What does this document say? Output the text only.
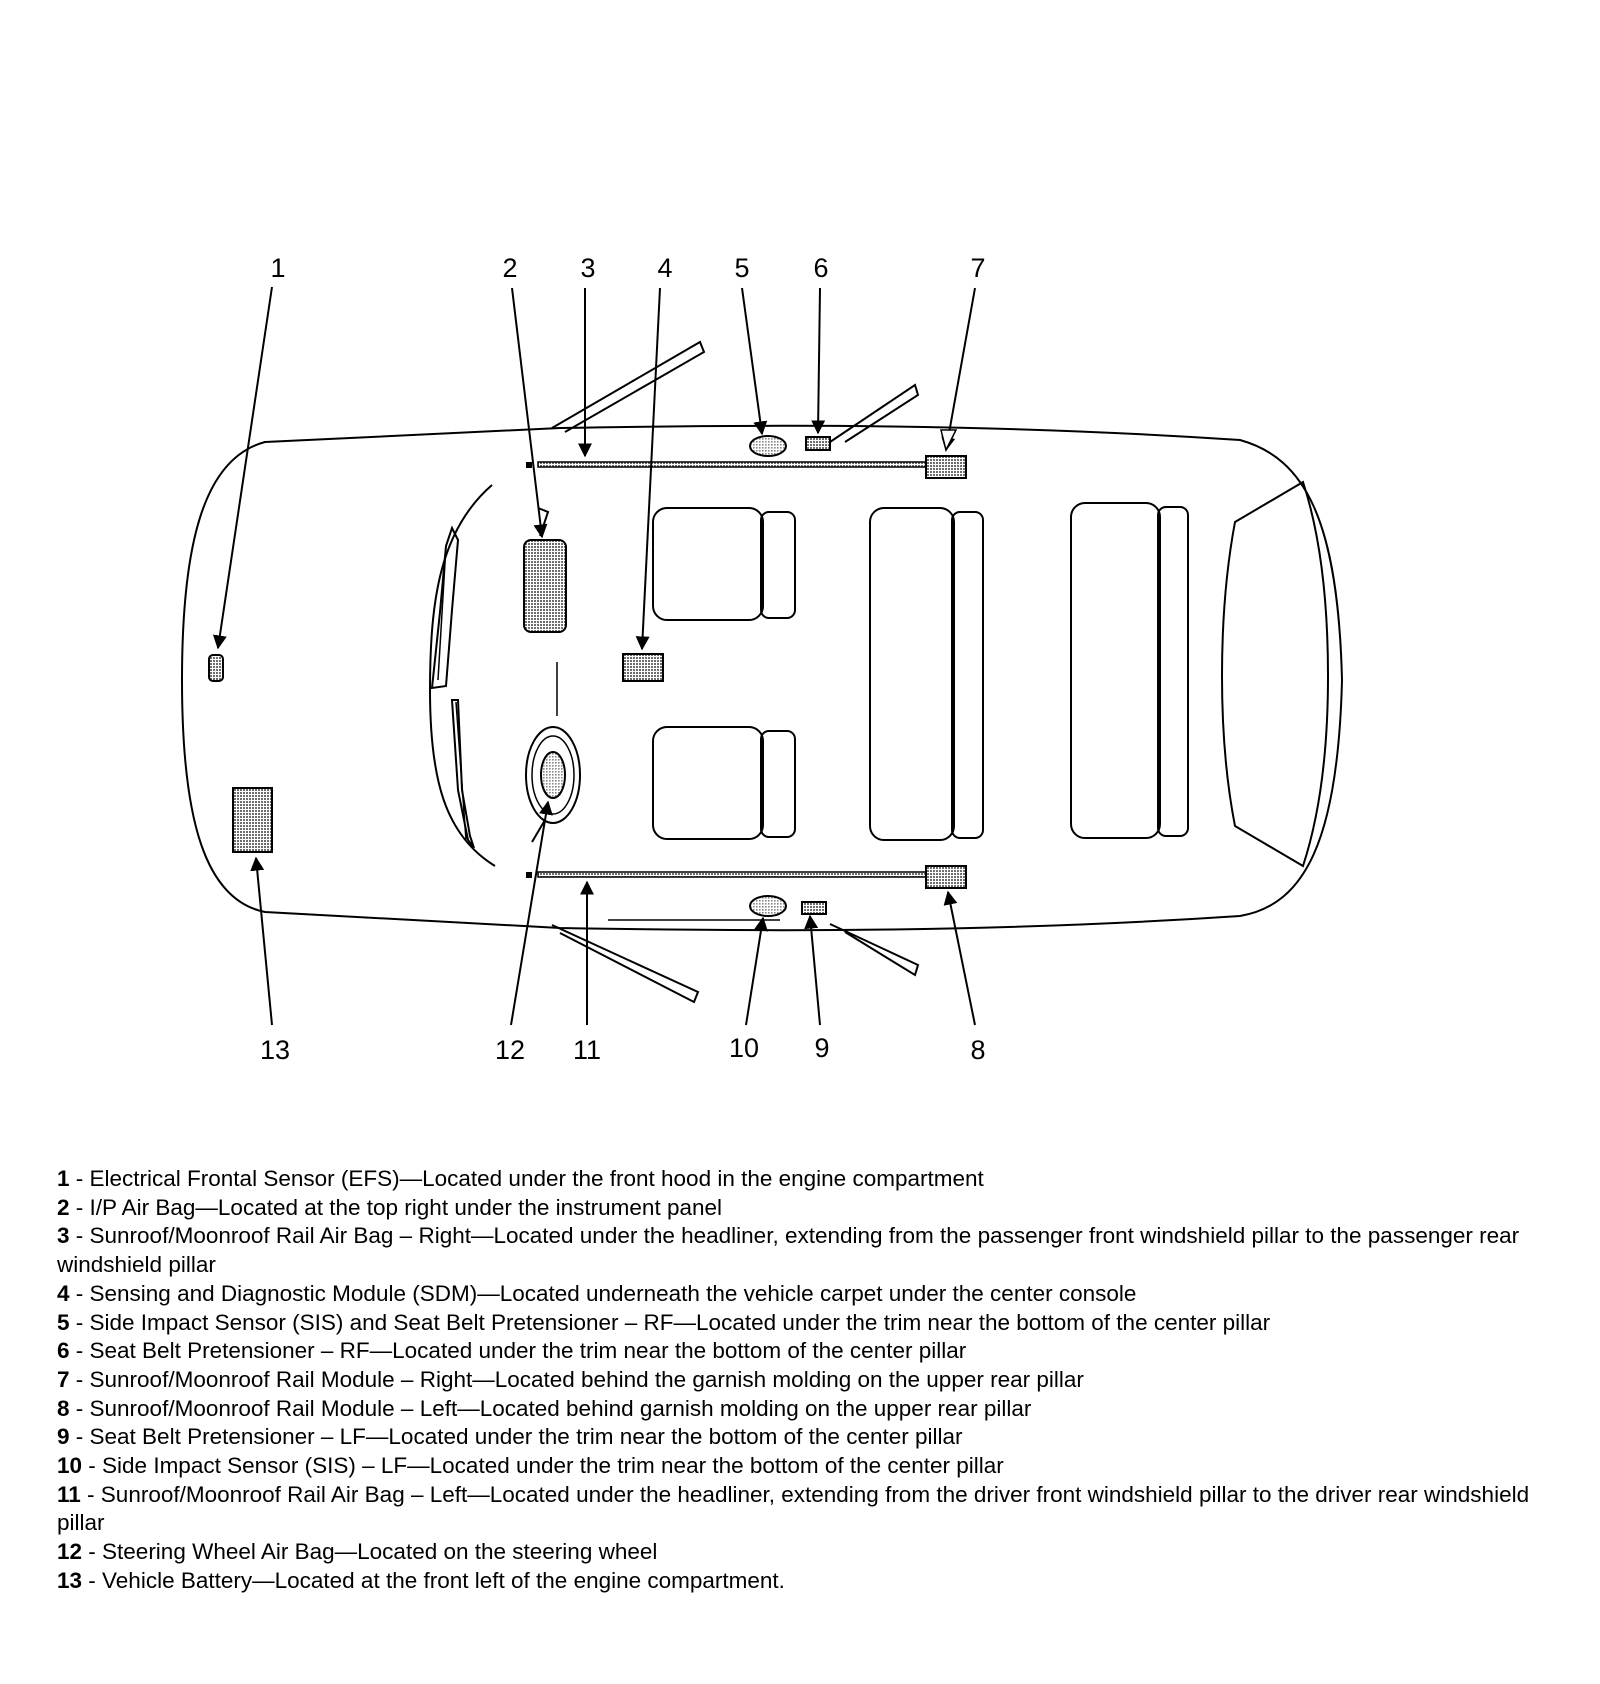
1	2 3 4 5 6	7
8
9
10
11
12
13

1 - Electrical Frontal Sensor (EFS)—Located under the front hood in the engine compartment

2 - I/P Air Bag—Located at the top right under the instrument panel

3 - Sunroof/Moonroof Rail Air Bag – Right—Located under the headliner, extending from the passenger front windshield pillar to the passenger rear windshield pillar

4 - Sensing and Diagnostic Module (SDM)—Located underneath the vehicle carpet under the center console

5 - Side Impact Sensor (SIS) and Seat Belt Pretensioner – RF—Located under the trim near the bottom of the center pillar

6 - Seat Belt Pretensioner – RF—Located under the trim near the bottom of the center pillar

7 - Sunroof/Moonroof Rail Module – Right—Located behind the garnish molding on the upper rear pillar

8 - Sunroof/Moonroof Rail Module – Left—Located behind garnish molding on the upper rear pillar

9 - Seat Belt Pretensioner – LF—Located under the trim near the bottom of the center pillar

10 - Side Impact Sensor (SIS) – LF—Located under the trim near the bottom of the center pillar

11 - Sunroof/Moonroof Rail Air Bag – Left—Located under the headliner, extending from the driver front windshield pillar to the driver rear windshield pillar

12 - Steering Wheel Air Bag—Located on the steering wheel

13 - Vehicle Battery—Located at the front left of the engine compartment.
